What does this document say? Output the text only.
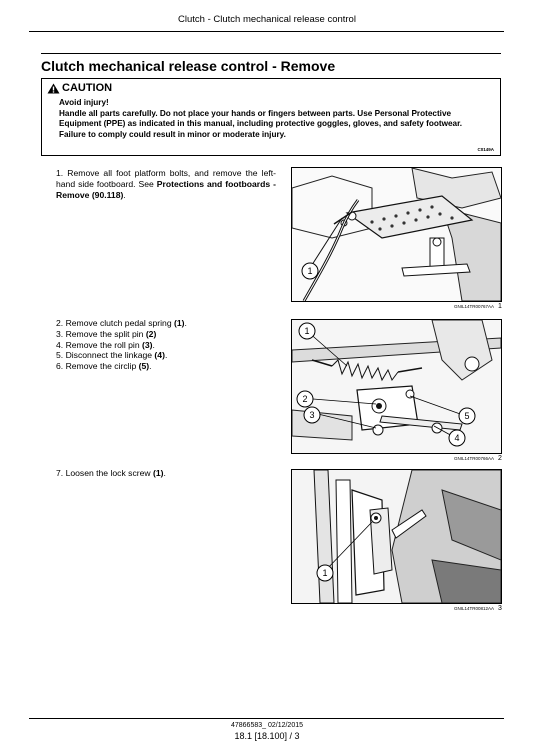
Clutch - Clutch mechanical release control
Clutch mechanical release control - Remove
CAUTION

Avoid injury!

Handle all parts carefully. Do not place your hands or fingers between parts. Use Personal Protective Equipment (PPE) as indicated in this manual, including protective goggles, gloves, and safety footwear.

Failure to comply could result in minor or moderate injury.

C0149A

1. Remove all foot platform bolts, and remove the left-hand side footboard. See Protections and footboards - Remove (90.118).

1
GNIL14TR00767AA 1

2. Remove clutch pedal spring (1).

3. Remove the split pin (2)

4. Remove the roll pin (3).

5. Disconnect the linkage (4).

6. Remove the circlip (5).

1
2
3
4
5
GNIL14TR00766AA 2

7. Loosen the lock screw (1).

1
GNIL14TR00812AA 3
47866583_ 02/12/2015
18.1 [18.100] / 3
